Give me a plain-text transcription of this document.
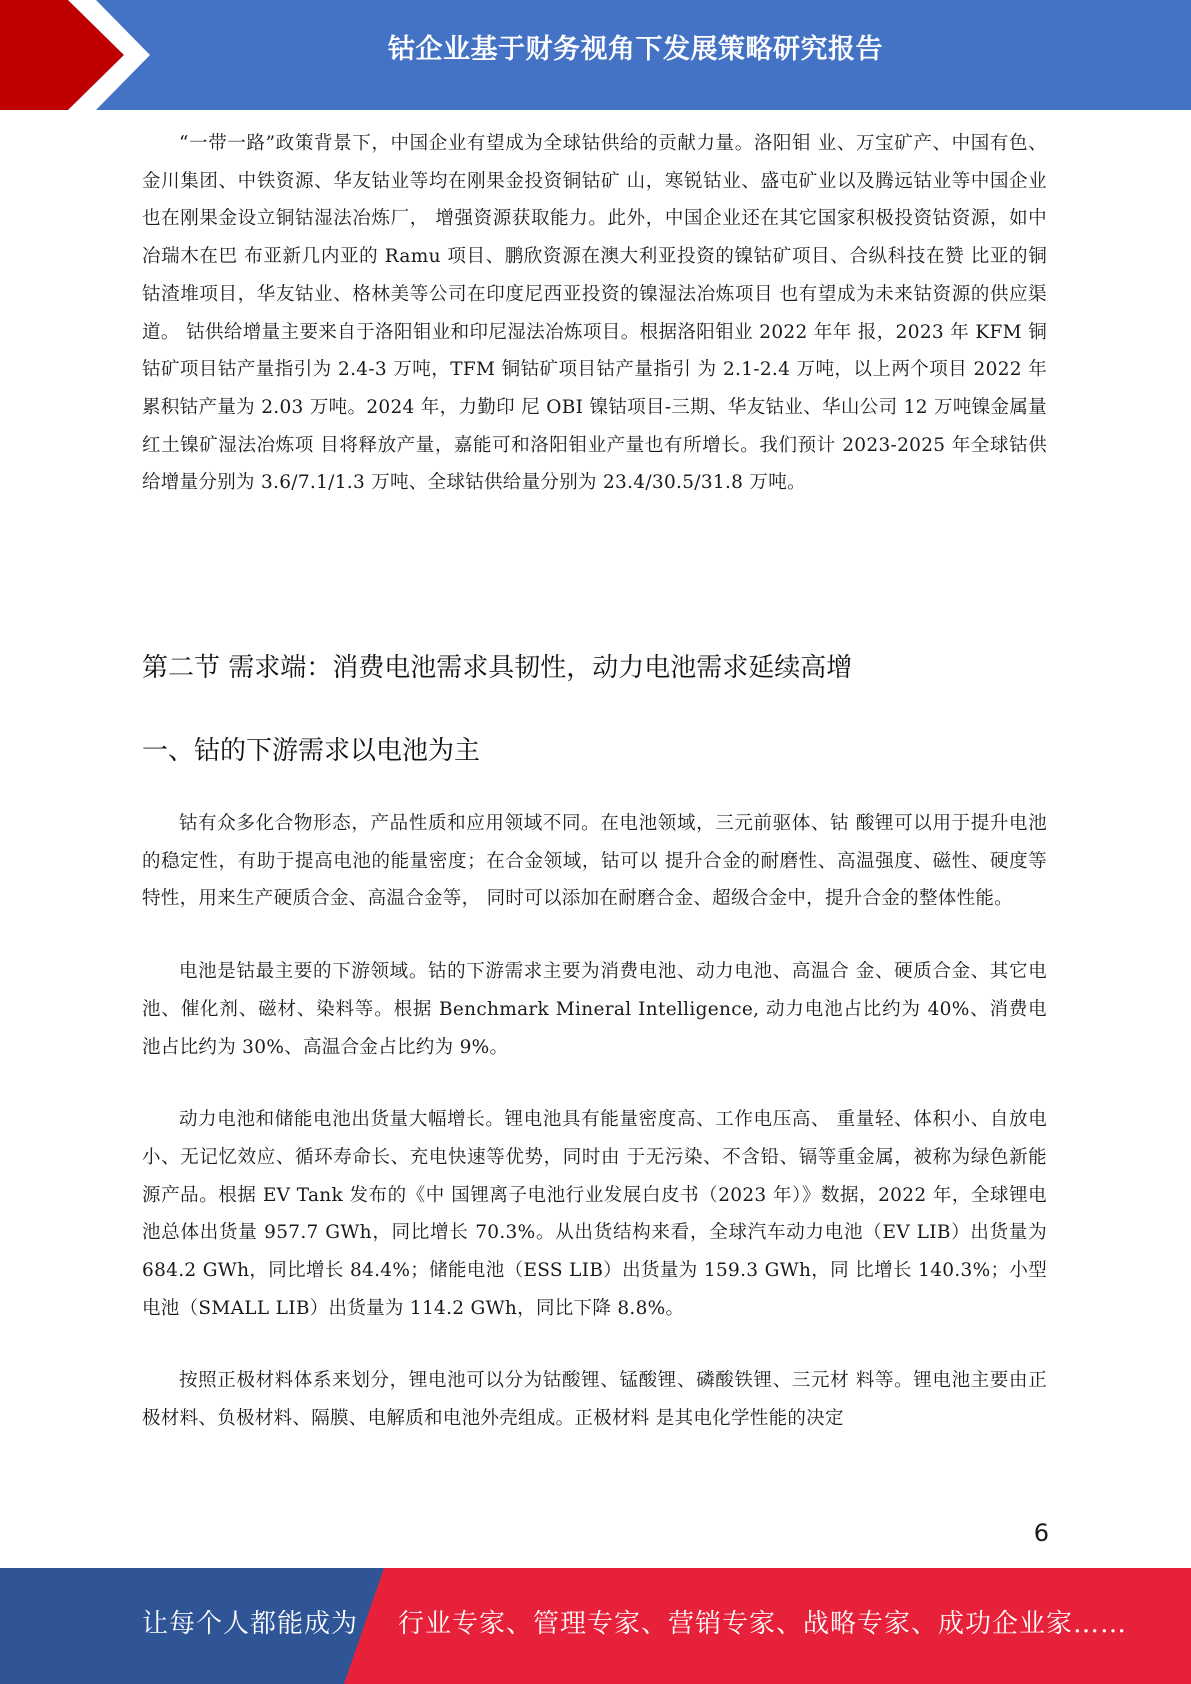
钴企业基于财务视角下发展策略研究报告

“一带一路”政策背景下，中国企业有望成为全球钴供给的贡献力量。洛阳钼 业、万宝矿产、中国有色、金川集团、中铁资源、华友钴业等均在刚果金投资铜钴矿 山，寒锐钴业、盛屯矿业以及腾远钴业等中国企业也在刚果金设立铜钴湿法冶炼厂， 增强资源获取能力。此外，中国企业还在其它国家积极投资钴资源，如中冶瑞木在巴 布亚新几内亚的 Ramu 项目、鹏欣资源在澳大利亚投资的镍钴矿项目、合纵科技在赞 比亚的铜钴渣堆项目，华友钴业、格林美等公司在印度尼西亚投资的镍湿法冶炼项目 也有望成为未来钴资源的供应渠道。 钴供给增量主要来自于洛阳钼业和印尼湿法冶炼项目。根据洛阳钼业 2022 年年 报，2023 年 KFM 铜钴矿项目钴产量指引为 2.4-3 万吨，TFM 铜钴矿项目钴产量指引 为 2.1-2.4 万吨，以上两个项目 2022 年累积钴产量为 2.03 万吨。2024 年，力勤印 尼 OBI 镍钴项目-三期、华友钴业、华山公司 12 万吨镍金属量红土镍矿湿法冶炼项 目将释放产量，嘉能可和洛阳钼业产量也有所增长。我们预计 2023-2025 年全球钴供给增量分别为 3.6/7.1/1.3 万吨、全球钴供给量分别为 23.4/30.5/31.8 万吨。

第二节 需求端：消费电池需求具韧性，动力电池需求延续高增
一、钴的下游需求以电池为主

钴有众多化合物形态，产品性质和应用领域不同。在电池领域，三元前驱体、钴 酸锂可以用于提升电池的稳定性，有助于提高电池的能量密度；在合金领域，钴可以 提升合金的耐磨性、高温强度、磁性、硬度等特性，用来生产硬质合金、高温合金等， 同时可以添加在耐磨合金、超级合金中，提升合金的整体性能。

电池是钴最主要的下游领域。钴的下游需求主要为消费电池、动力电池、高温合 金、硬质合金、其它电池、催化剂、磁材、染料等。根据 Benchmark Mineral Intelligence, 动力电池占比约为 40%、消费电池占比约为 30%、高温合金占比约为 9%。

动力电池和储能电池出货量大幅增长。锂电池具有能量密度高、工作电压高、 重量轻、体积小、自放电小、无记忆效应、循环寿命长、充电快速等优势，同时由 于无污染、不含铅、镉等重金属，被称为绿色新能源产品。根据 EV Tank 发布的《中 国锂离子电池行业发展白皮书（2023 年）》数据，2022 年，全球锂电池总体出货量 957.7 GWh，同比增长 70.3%。从出货结构来看，全球汽车动力电池（EV LIB）出货量为 684.2 GWh，同比增长 84.4%；储能电池（ESS LIB）出货量为 159.3 GWh，同 比增长 140.3%；小型电池（SMALL LIB）出货量为 114.2 GWh，同比下降 8.8%。

按照正极材料体系来划分，锂电池可以分为钴酸锂、锰酸锂、磷酸铁锂、三元材 料等。锂电池主要由正极材料、负极材料、隔膜、电解质和电池外壳组成。正极材料 是其电化学性能的决定

6
让每个人都能成为 行业专家、管理专家、营销专家、战略专家、成功企业家……
